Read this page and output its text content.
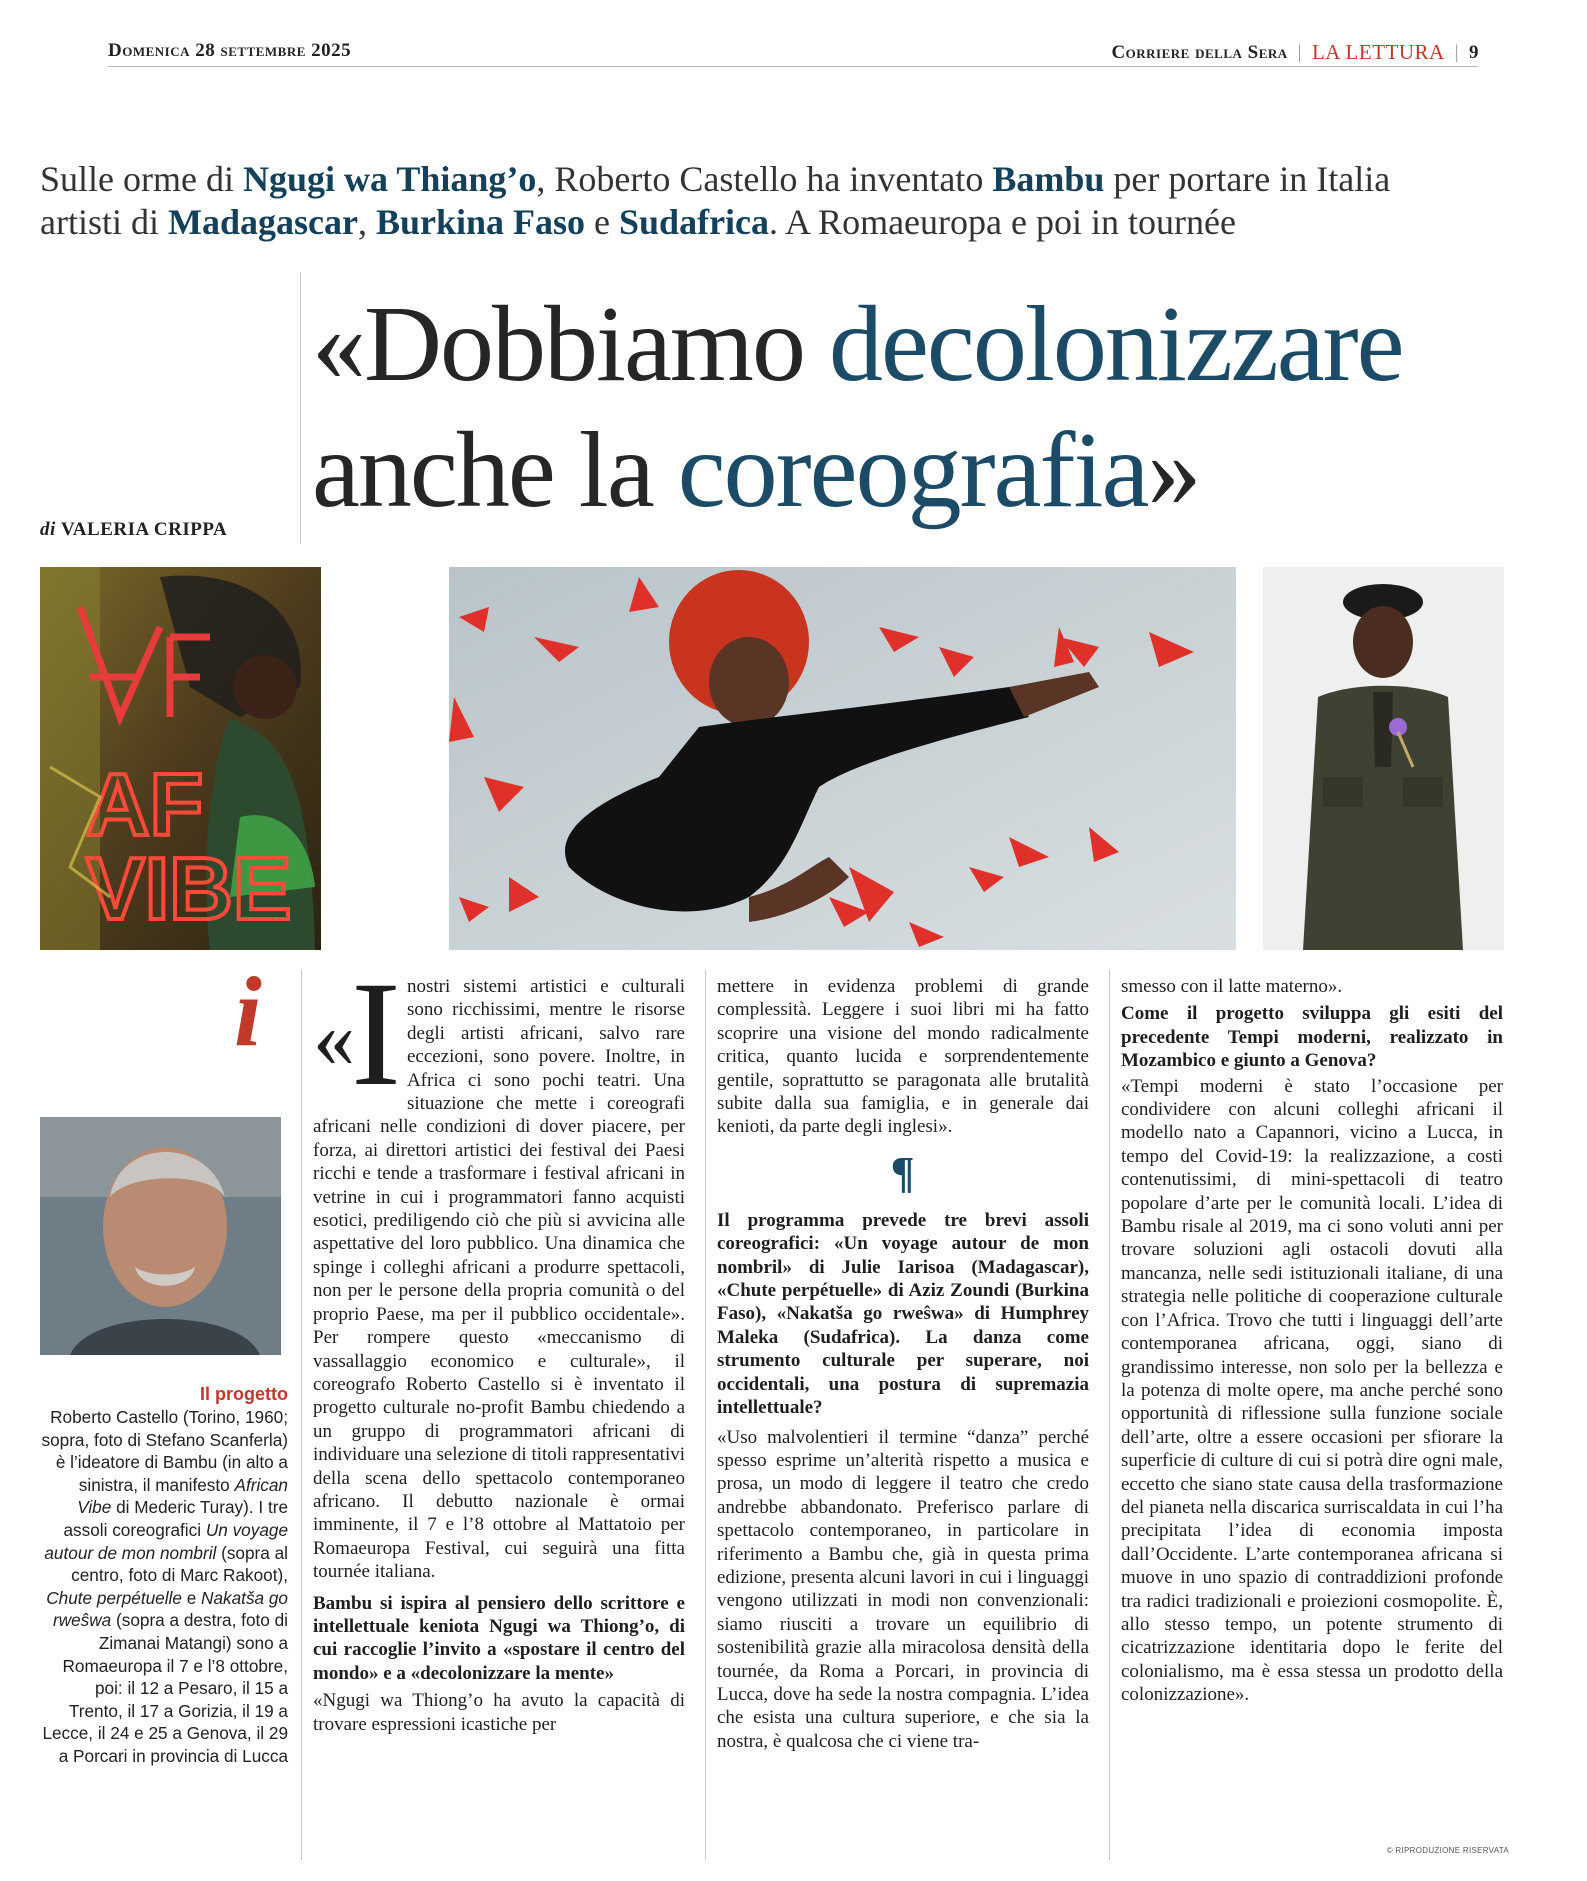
Domenica 28 settembre 2025	Corriere della Sera | LA LETTURA | 9
Sulle orme di Ngugi wa Thiang’o, Roberto Castello ha inventato Bambu per portare in Italia artisti di Madagascar, Burkina Faso e Sudafrica. A Romaeuropa e poi in tournée
di VALERIA CRIPPA
«Dobbiamo decolonizzare
anche la coreografia»
AF
VIBE
i
Il progetto
Roberto Castello (Torino, 1960; sopra, foto di Stefano Scanferla) è l’ideatore di Bambu (in alto a sinistra, il manifesto African Vibe di Mederic Turay). I tre assoli coreografici Un voyage autour de mon nombril (sopra al centro, foto di Marc Rakoot), Chute perpétuelle e Nakatša go rweŝwa (sopra a destra, foto di Zimanai Matangi) sono a Romaeuropa il 7 e l’8 ottobre, poi: il 12 a Pesaro, il 15 a Trento, il 17 a Gorizia, il 19 a Lecce, il 24 e 25 a Genova, il 29 a Porcari in provincia di Lucca
«
I nostri sistemi artistici e culturali sono ricchissimi, mentre le risorse degli artisti africani, salvo rare eccezioni, sono povere. Inoltre, in Africa ci sono pochi teatri. Una situazione che mette i coreografi africani nelle condizioni di dover piacere, per forza, ai direttori artistici dei festival dei Paesi ricchi e tende a trasformare i festival africani in vetrine in cui i programmatori fanno acquisti esotici, prediligendo ciò che più si avvicina alle aspettative del loro pubblico. Una dinamica che spinge i colleghi africani a produrre spettacoli, non per le persone della propria comunità o del proprio Paese, ma per il pubblico occidentale». Per rompere questo «meccanismo di vassallaggio economico e culturale», il coreografo Roberto Castello si è inventato il progetto culturale no-profit Bambu chiedendo a un gruppo di programmatori africani di individuare una selezione di titoli rappresentativi della scena dello spettacolo contemporaneo africano. Il debutto nazionale è ormai imminente, il 7 e l’8 ottobre al Mattatoio per Romaeuropa Festival, cui seguirà una fitta tournée italiana.

Bambu si ispira al pensiero dello scrittore e intellettuale keniota Ngugi wa Thiong’o, di cui raccoglie l’invito a «spostare il centro del mondo» e a «decolonizzare la mente»

«Ngugi wa Thiong’o ha avuto la capacità di trovare espressioni icastiche per

mettere in evidenza problemi di grande complessità. Leggere i suoi libri mi ha fatto scoprire una visione del mondo radicalmente critica, quanto lucida e sorprendentemente gentile, soprattutto se paragonata alle brutalità subite dalla sua famiglia, e in generale dai kenioti, da parte degli inglesi».

¶

Il programma prevede tre brevi assoli coreografici: «Un voyage autour de mon nombril» di Julie Iarisoa (Madagascar), «Chute perpétuelle» di Aziz Zoundi (Burkina Faso), «Nakatša go rweŝwa» di Humphrey Maleka (Sudafrica). La danza come strumento culturale per superare, noi occidentali, una postura di supremazia intellettuale?

«Uso malvolentieri il termine “danza” perché spesso esprime un’alterità rispetto a musica e prosa, un modo di leggere il teatro che credo andrebbe abbandonato. Preferisco parlare di spettacolo contemporaneo, in particolare in riferimento a Bambu che, già in questa prima edizione, presenta alcuni lavori in cui i linguaggi vengono utilizzati in modi non convenzionali: siamo riusciti a trovare un equilibrio di sostenibilità grazie alla miracolosa densità della tournée, da Roma a Porcari, in provincia di Lucca, dove ha sede la nostra compagnia. L’idea che esista una cultura superiore, e che sia la nostra, è qualcosa che ci viene tra-

smesso con il latte materno».

Come il progetto sviluppa gli esiti del precedente Tempi moderni, realizzato in Mozambico e giunto a Genova?

«Tempi moderni è stato l’occasione per condividere con alcuni colleghi africani il modello nato a Capannori, vicino a Lucca, in tempo del Covid-19: la realizzazione, a costi contenutissimi, di mini-spettacoli di teatro popolare d’arte per le comunità locali. L’idea di Bambu risale al 2019, ma ci sono voluti anni per trovare soluzioni agli ostacoli dovuti alla mancanza, nelle sedi istituzionali italiane, di una strategia nelle politiche di cooperazione culturale con l’Africa. Trovo che tutti i linguaggi dell’arte contemporanea africana, oggi, siano di grandissimo interesse, non solo per la bellezza e la potenza di molte opere, ma anche perché sono opportunità di riflessione sulla funzione sociale dell’arte, oltre a essere occasioni per sfiorare la superficie di culture di cui si potrà dire ogni male, eccetto che siano state causa della trasformazione del pianeta nella discarica surriscaldata in cui l’ha precipitata l’idea di economia imposta dall’Occidente. L’arte contemporanea africana si muove in uno spazio di contraddizioni profonde tra radici tradizionali e proiezioni cosmopolite. È, allo stesso tempo, un potente strumento di cicatrizzazione identitaria dopo le ferite del colonialismo, ma è essa stessa un prodotto della colonizzazione».

© RIPRODUZIONE RISERVATA
